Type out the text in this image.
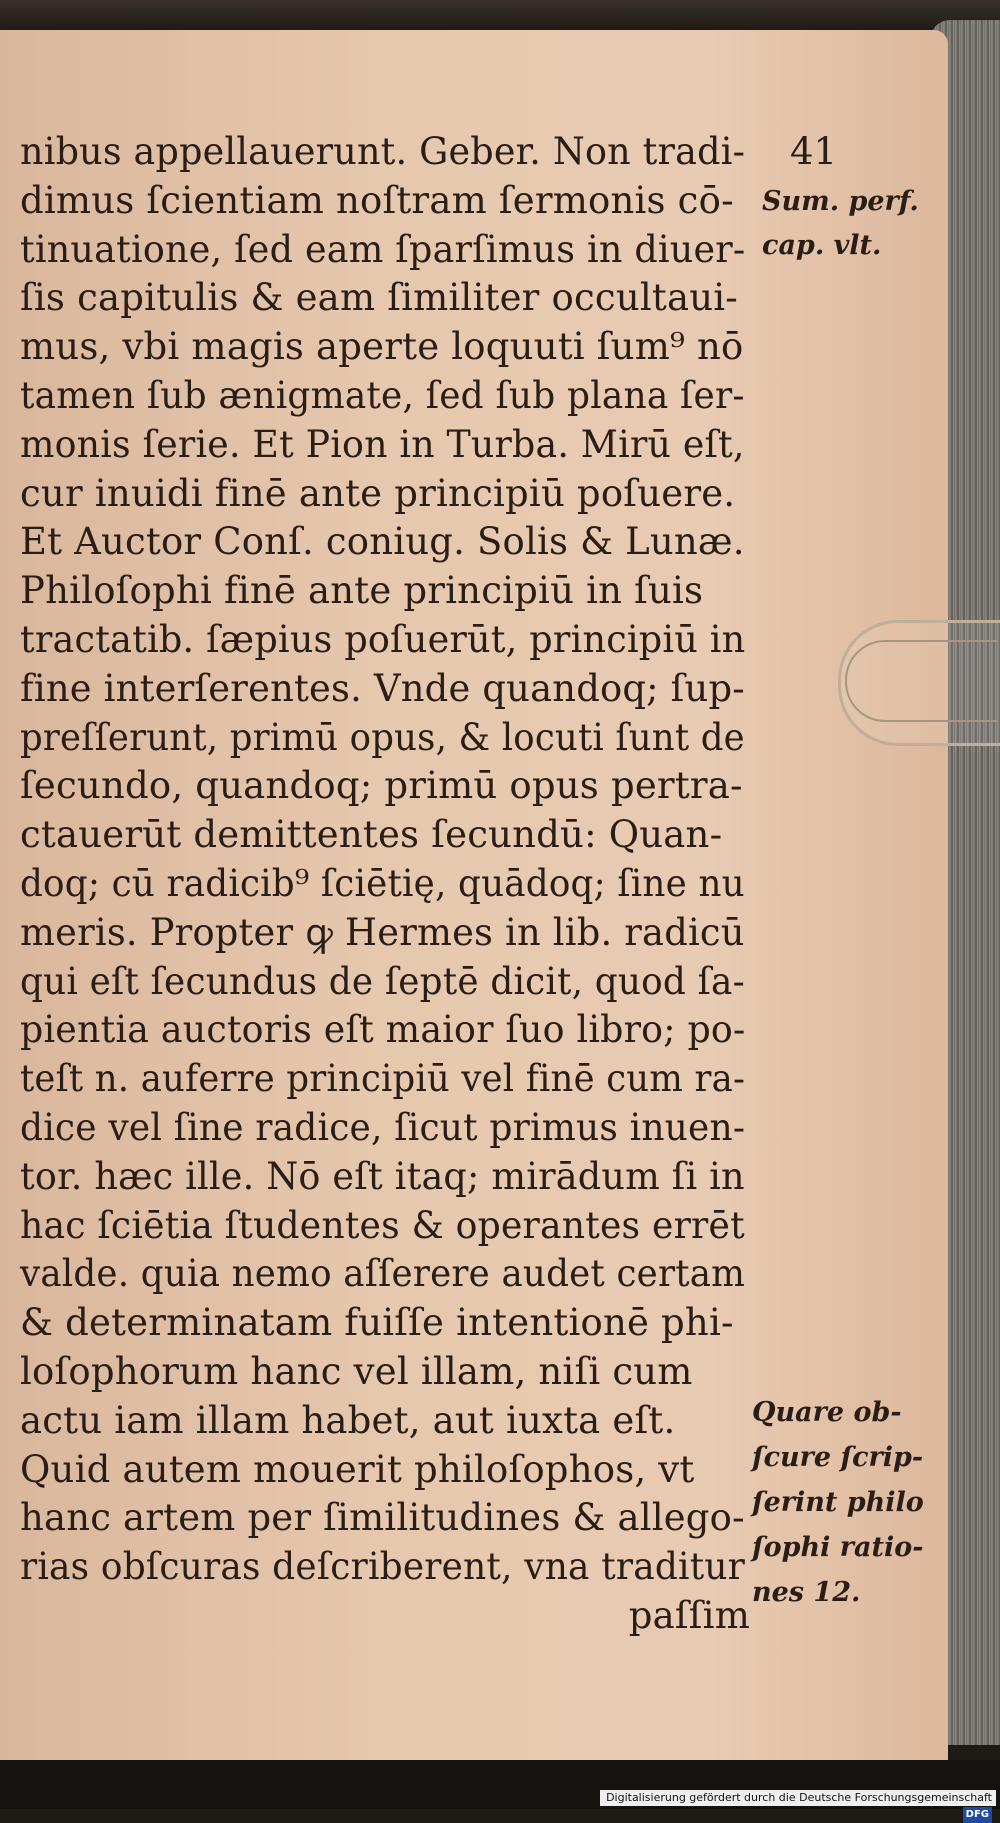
41
nibus appellauerunt. Geber. Non tradi-
dimus ſcientiam noſtram ſermonis cō-
tinuatione, ſed eam ſparſimus in diuer-
ſis capitulis & eam ſimiliter occultaui-
mus, vbi magis aperte loquuti ſum⁹ nō
tamen ſub ænigmate, ſed ſub plana ſer-
monis ſerie. Et Pion in Turba. Mirū eſt,
cur inuidi finē ante principiū poſuere.
Et Auctor Conſ. coniug. Solis & Lunæ.
Philoſophi finē ante principiū in ſuis
tractatib. ſæpius poſuerūt, principiū in
fine interſerentes. Vnde quandoq; ſup-
preſſerunt, primū opus, & locuti ſunt de
ſecundo, quandoq; primū opus pertra-
ctauerūt demittentes ſecundū: Quan-
doq; cū radicib⁹ ſciētię, quādoq; ſine nu
meris. Propter ꝙ Hermes in lib. radicū
qui eſt ſecundus de ſeptē dicit, quod ſa-
pientia auctoris eſt maior ſuo libro; po-
teſt n. auferre principiū vel finē cum ra-
dice vel ſine radice, ſicut primus inuen-
tor. hæc ille. Nō eſt itaq; mirādum ſi in
hac ſciētia ſtudentes & operantes errēt
valde. quia nemo aſſerere audet certam
& determinatam fuiſſe intentionē phi-
loſophorum hanc vel illam, niſi cum
actu iam illam habet, aut iuxta eſt.
Quid autem mouerit philoſophos, vt
hanc artem per ſimilitudines & allego-
rias obſcuras deſcriberent, vna traditur
paſſim
Sum. perf.
cap. vlt.
Quare ob-
ſcure ſcrip-
ſerint philo
ſophi ratio-
nes 12.
Digitalisierung gefördert durch die Deutsche Forschungsgemeinschaft - DFG
